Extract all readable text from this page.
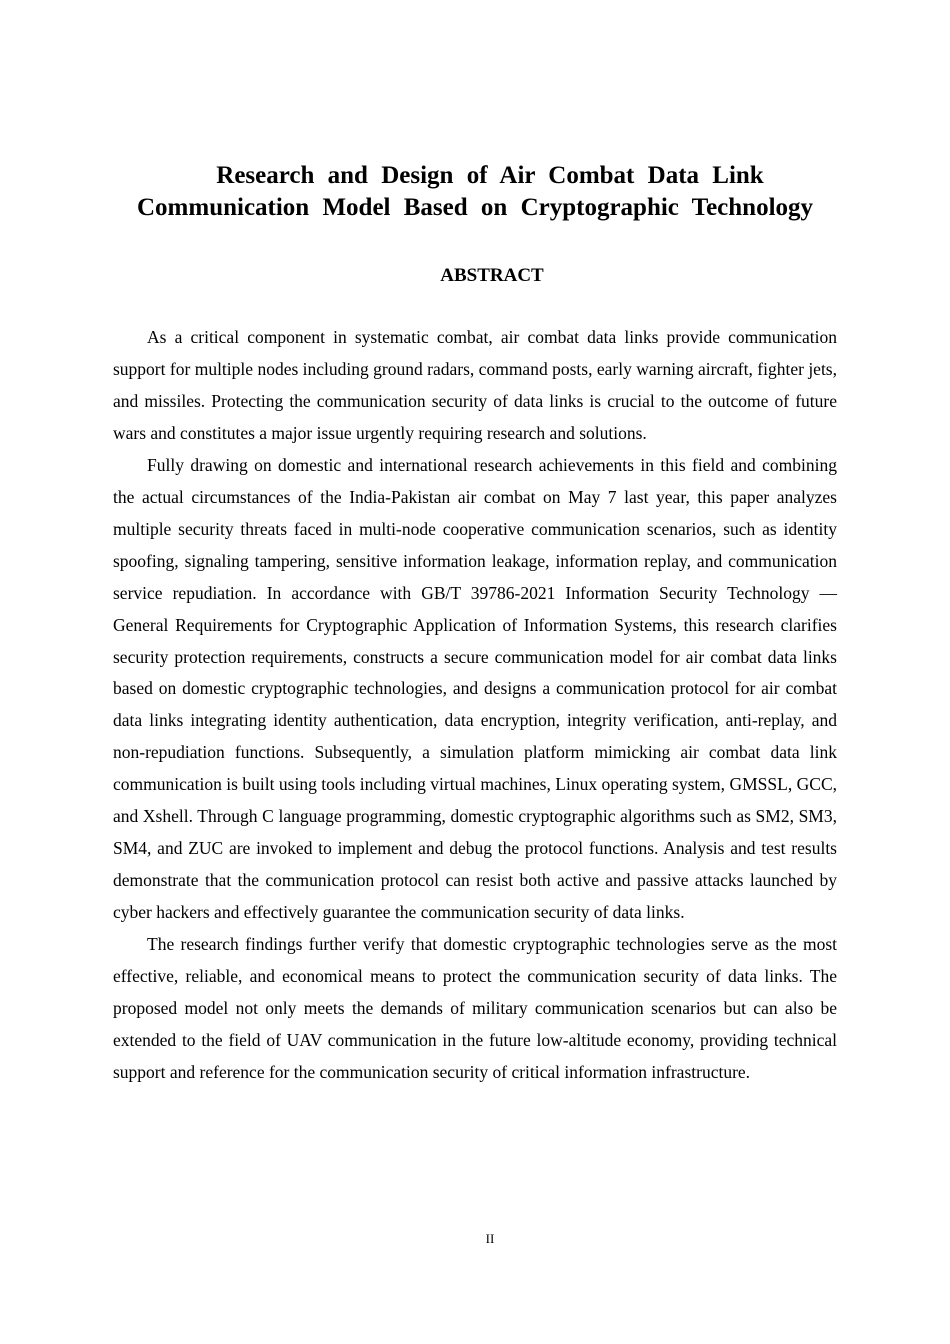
Research and Design of Air Combat Data Link
Communication Model Based on Cryptographic Technology
ABSTRACT

As a critical component in systematic combat, air combat data links provide communication support for multiple nodes including ground radars, command posts, early warning aircraft, fighter jets, and missiles. Protecting the communication security of data links is crucial to the outcome of future wars and constitutes a major issue urgently requiring research and solutions.

Fully drawing on domestic and international research achievements in this field and combining the actual circumstances of the India-Pakistan air combat on May 7 last year, this paper analyzes multiple security threats faced in multi-node cooperative communication scenarios, such as identity spoofing, signaling tampering, sensitive information leakage, information replay, and communication service repudiation. In accordance with GB/T 39786-2021 Information Security Technology — General Requirements for Cryptographic Application of Information Systems, this research clarifies security protection requirements, constructs a secure communication model for air combat data links based on domestic cryptographic technologies, and designs a communication protocol for air combat data links integrating identity authentication, data encryption, integrity verification, anti-replay, and non-repudiation functions. Subsequently, a simulation platform mimicking air combat data link communication is built using tools including virtual machines, Linux operating system, GMSSL, GCC, and Xshell. Through C language programming, domestic cryptographic algorithms such as SM2, SM3, SM4, and ZUC are invoked to implement and debug the protocol functions. Analysis and test results demonstrate that the communication protocol can resist both active and passive attacks launched by cyber hackers and effectively guarantee the communication security of data links.

The research findings further verify that domestic cryptographic technologies serve as the most effective, reliable, and economical means to protect the communication security of data links. The proposed model not only meets the demands of military communication scenarios but can also be extended to the field of UAV communication in the future low-altitude economy, providing technical support and reference for the communication security of critical information infrastructure.

II
